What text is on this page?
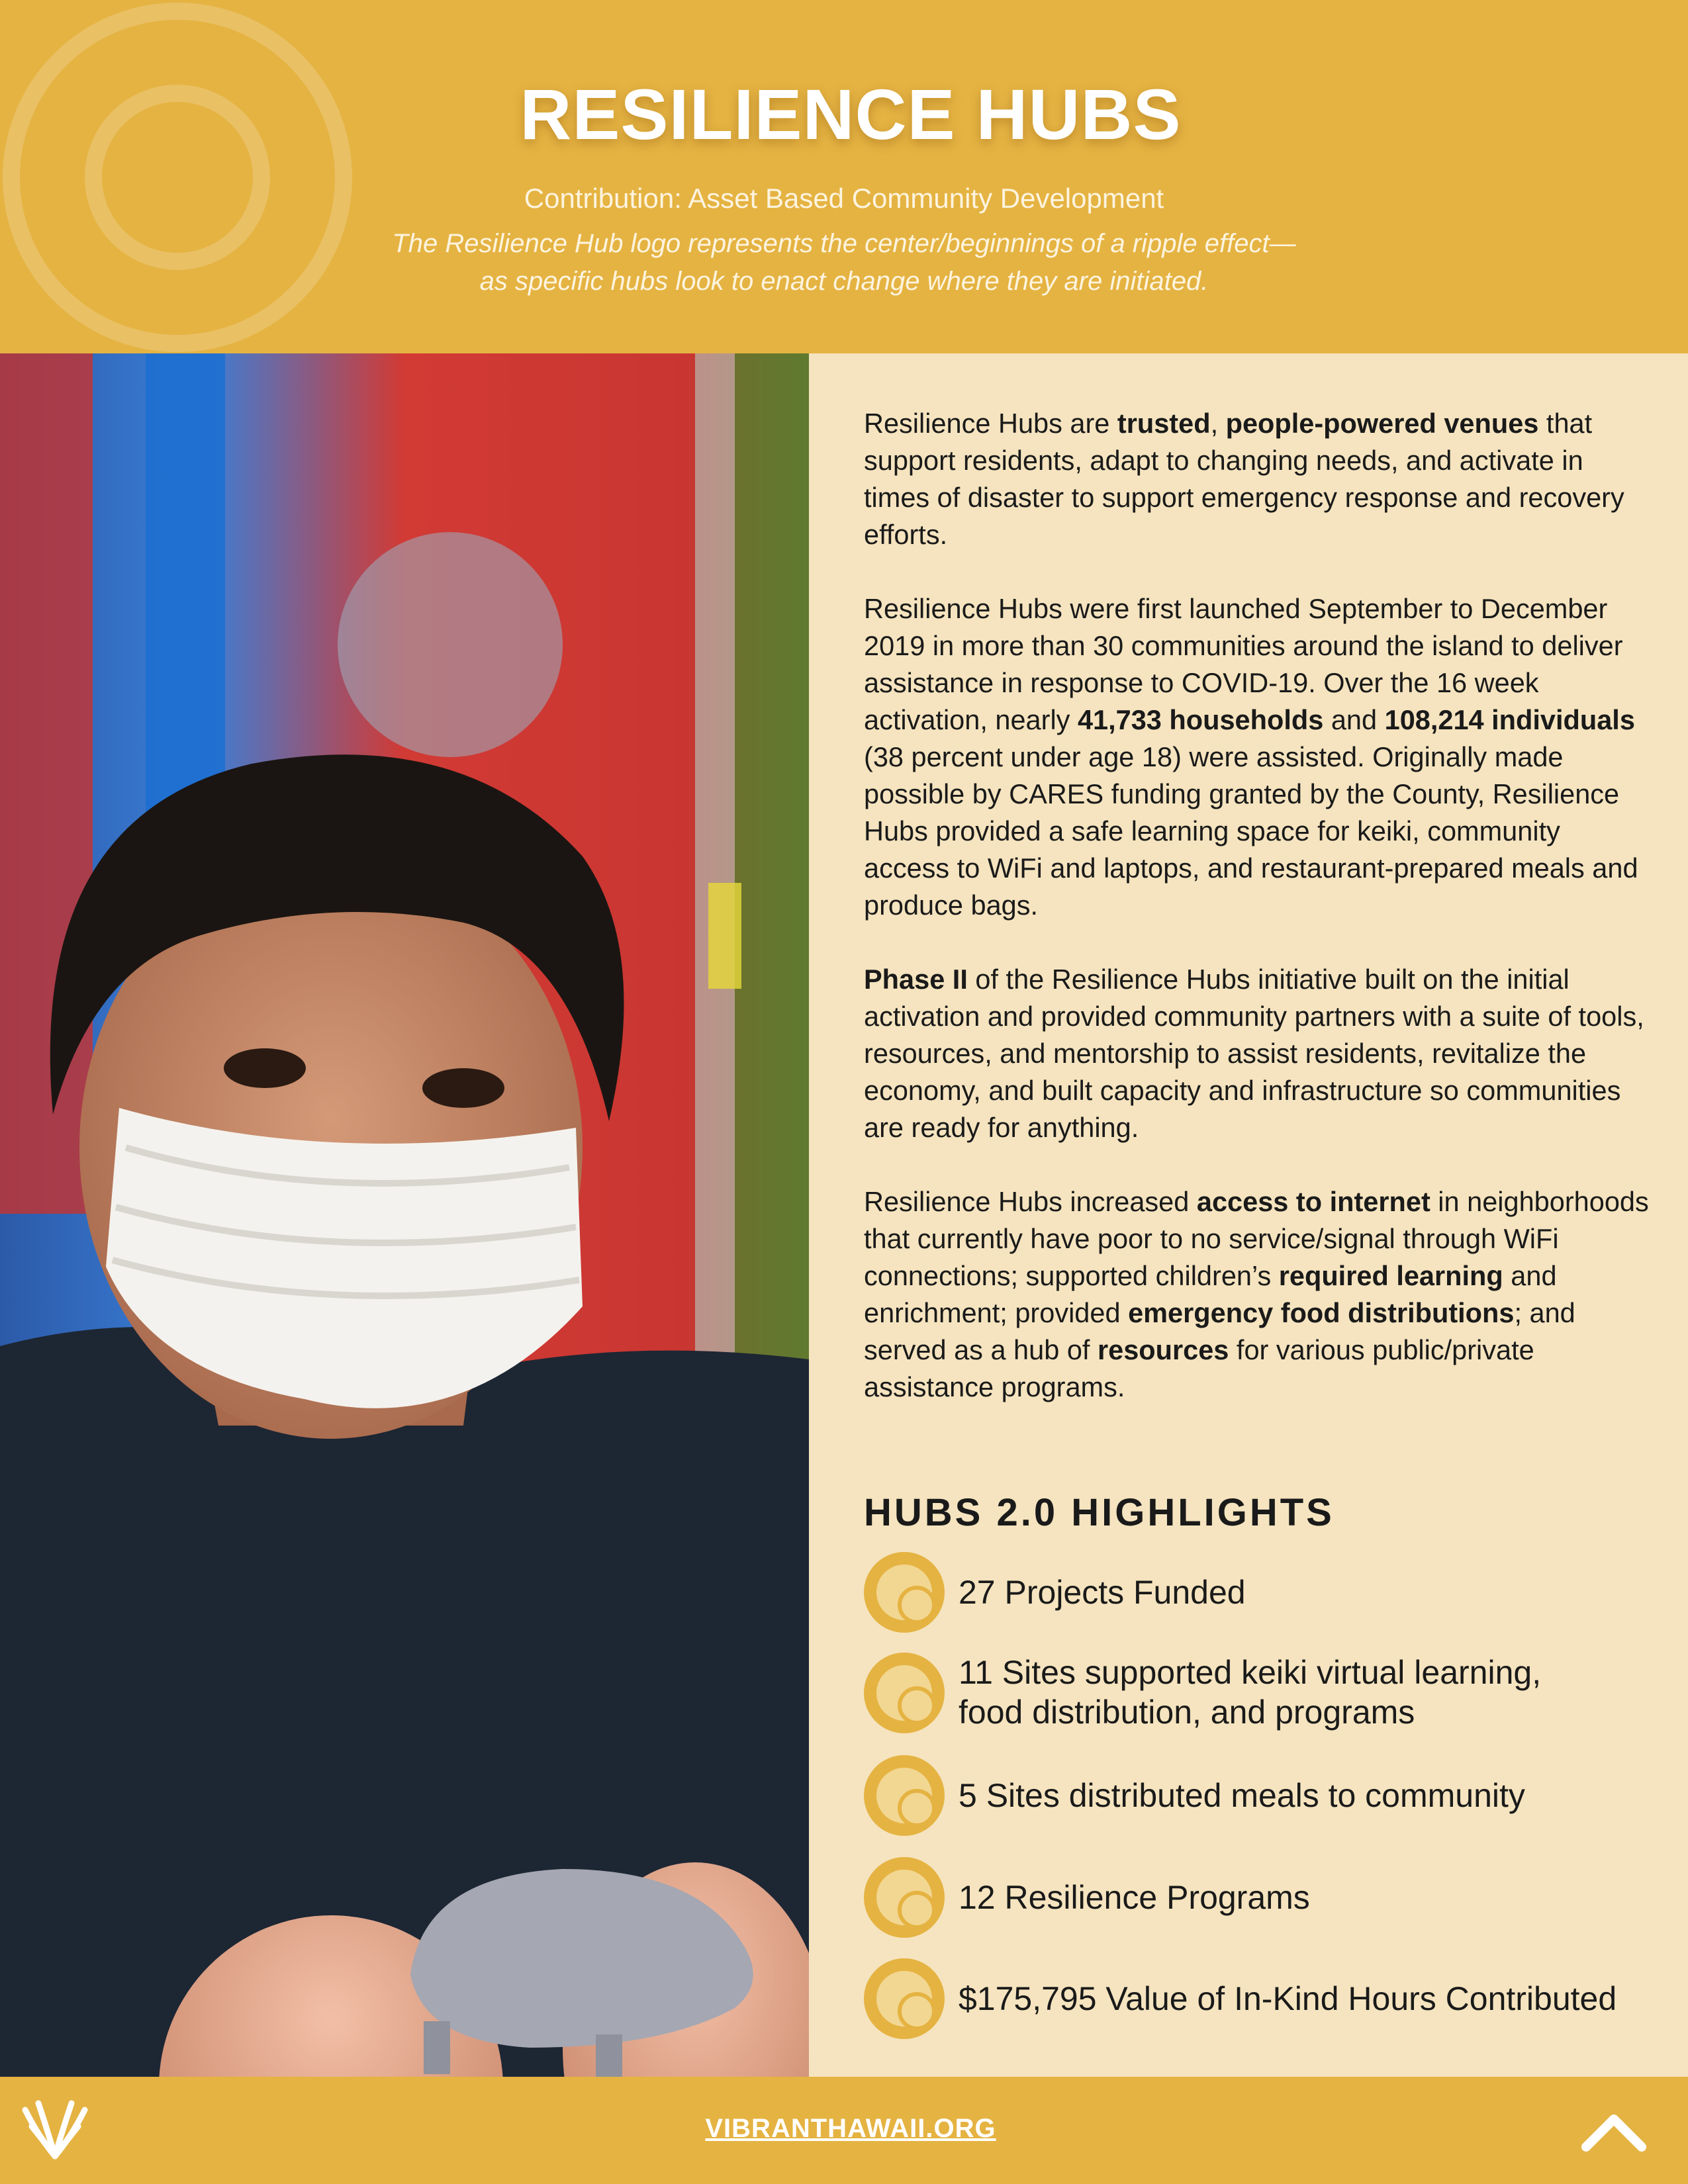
RESILIENCE HUBS
Contribution: Asset Based Community Development
The Resilience Hub logo represents the center/beginnings of a ripple effect—
as specific hubs look to enact change where they are initiated.

Resilience Hubs are trusted, people-powered venues that support residents, adapt to changing needs, and activate in times of disaster to support emergency response and recovery efforts.

Resilience Hubs were first launched September to December 2019 in more than 30 communities around the island to deliver assistance in response to COVID-19. Over the 16 week activation, nearly 41,733 households and 108,214 individuals (38 percent under age 18) were assisted. Originally made possible by CARES funding granted by the County, Resilience Hubs provided a safe learning space for keiki, community access to WiFi and laptops, and restaurant-prepared meals and produce bags.

Phase II of the Resilience Hubs initiative built on the initial activation and provided community partners with a suite of tools, resources, and mentorship to assist residents, revitalize the economy, and built capacity and infrastructure so communities are ready for anything.

Resilience Hubs increased access to internet in neighborhoods that currently have poor to no service/signal through WiFi connections; supported children’s required learning and enrichment; provided emergency food distributions; and served as a hub of resources for various public/private assistance programs.

HUBS 2.0 HIGHLIGHTS
27 Projects Funded
11 Sites supported keiki virtual learning,
food distribution, and programs
5 Sites distributed meals to community
12 Resilience Programs
$175,795 Value of In-Kind Hours Contributed
VIBRANTHAWAII.ORG
